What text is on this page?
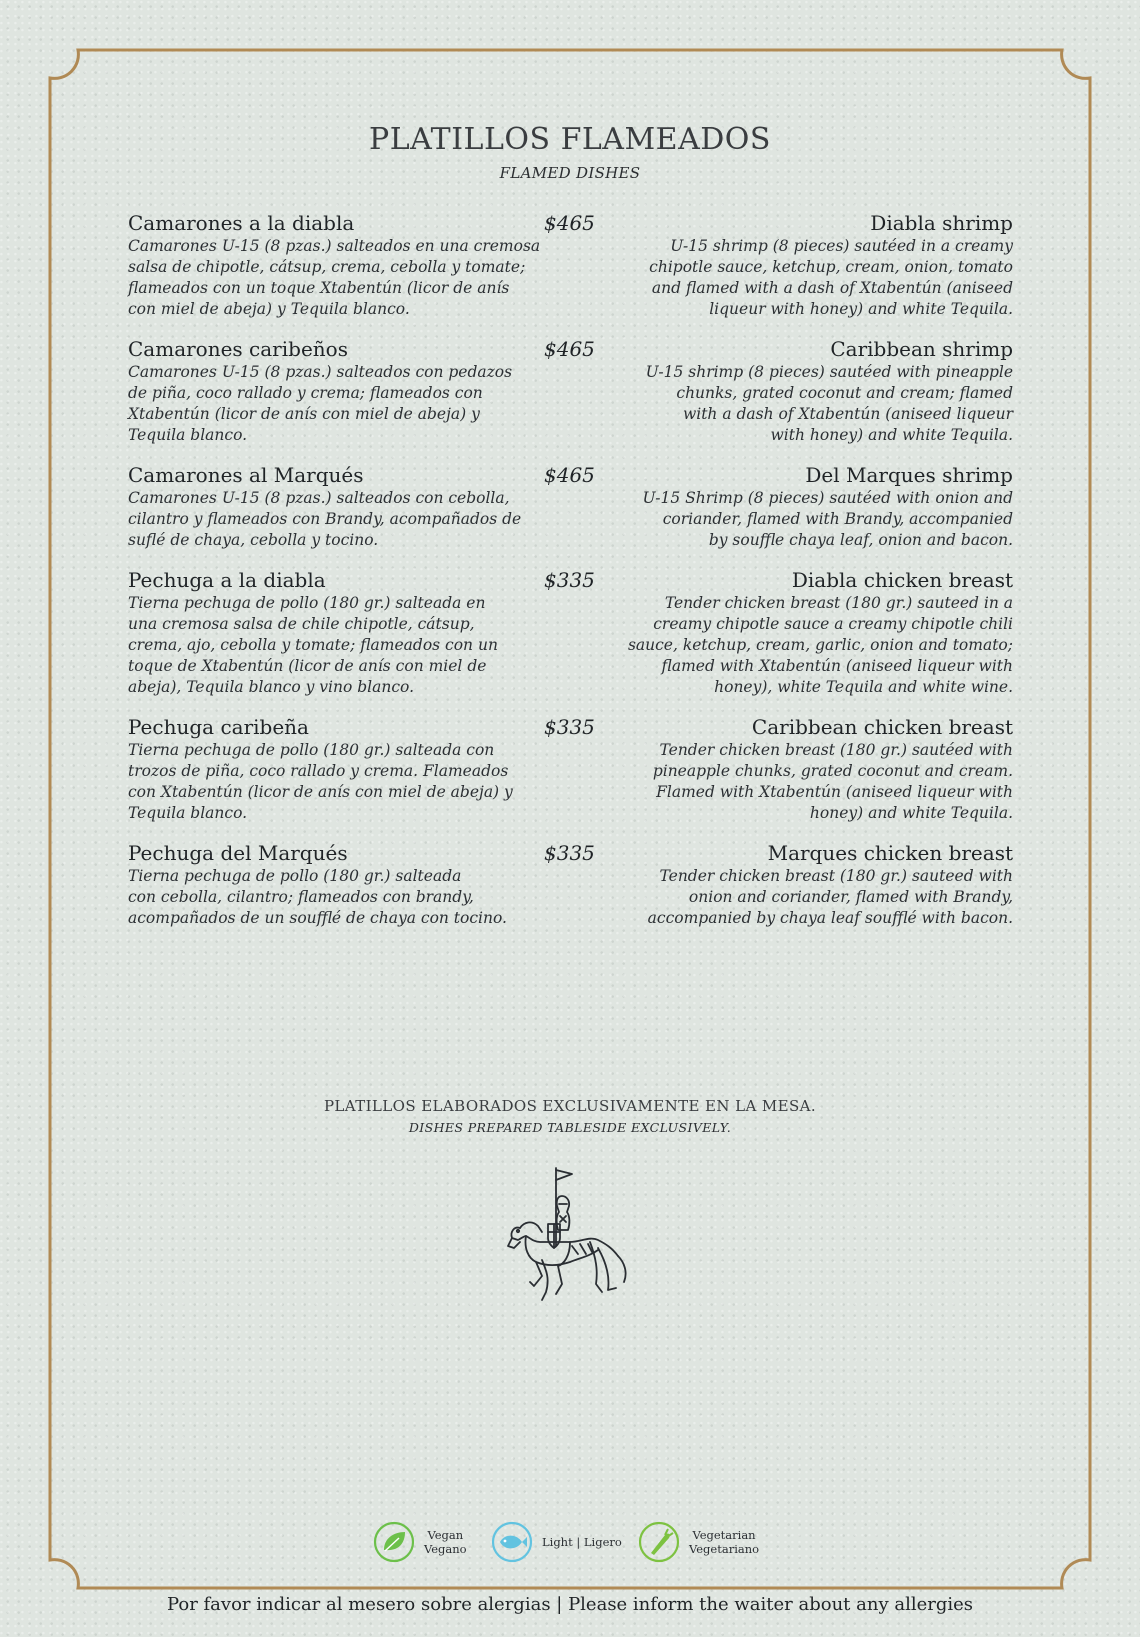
PLATILLOS FLAMEADOS
FLAMED DISHES
Camarones a la diabla	$465	Diabla shrimp
Camarones U-15 (8 pzas.) salteados en una cremosa
salsa de chipotle, cátsup, crema, cebolla y tomate;
flameados con un toque Xtabentún (licor de anís
con miel de abeja) y Tequila blanco.
U-15 shrimp (8 pieces) sautéed in a creamy
chipotle sauce, ketchup, cream, onion, tomato
and flamed with a dash of Xtabentún (aniseed
liqueur with honey) and white Tequila.
Camarones caribeños	$465	Caribbean shrimp
Camarones U-15 (8 pzas.) salteados con pedazos
de piña, coco rallado y crema; flameados con
Xtabentún (licor de anís con miel de abeja) y
Tequila blanco.
U-15 shrimp (8 pieces) sautéed with pineapple
chunks, grated coconut and cream; flamed
with a dash of Xtabentún (aniseed liqueur
with honey) and white Tequila.
Camarones al Marqués	$465	Del Marques shrimp
Camarones U-15 (8 pzas.) salteados con cebolla,
cilantro y flameados con Brandy, acompañados de
suflé de chaya, cebolla y tocino.
U-15 Shrimp (8 pieces) sautéed with onion and
coriander, flamed with Brandy, accompanied
by souffle chaya leaf, onion and bacon.
Pechuga a la diabla	$335	Diabla chicken breast
Tierna pechuga de pollo (180 gr.) salteada en
una cremosa salsa de chile chipotle, cátsup,
crema, ajo, cebolla y tomate; flameados con un
toque de Xtabentún (licor de anís con miel de
abeja), Tequila blanco y vino blanco.
Tender chicken breast (180 gr.) sauteed in a
creamy chipotle sauce a creamy chipotle chili
sauce, ketchup, cream, garlic, onion and tomato;
flamed with Xtabentún (aniseed liqueur with
honey), white Tequila and white wine.
Pechuga caribeña	$335	Caribbean chicken breast
Tierna pechuga de pollo (180 gr.) salteada con
trozos de piña, coco rallado y crema. Flameados
con Xtabentún (licor de anís con miel de abeja) y
Tequila blanco.
Tender chicken breast (180 gr.) sautéed with
pineapple chunks, grated coconut and cream.
Flamed with Xtabentún (aniseed liqueur with
honey) and white Tequila.
Pechuga del Marqués	$335	Marques chicken breast
Tierna pechuga de pollo (180 gr.) salteada
con cebolla, cilantro; flameados con brandy,
acompañados de un soufflé de chaya con tocino.
Tender chicken breast (180 gr.) sauteed with
onion and coriander, flamed with Brandy,
accompanied by chaya leaf soufflé with bacon.
PLATILLOS ELABORADOS EXCLUSIVAMENTE EN LA MESA.
DISHES PREPARED TABLESIDE EXCLUSIVELY.
Vegan
Vegano	Light | Ligero	Vegetarian
Vegetariano
Por favor indicar al mesero sobre alergias | Please inform the waiter about any allergies
